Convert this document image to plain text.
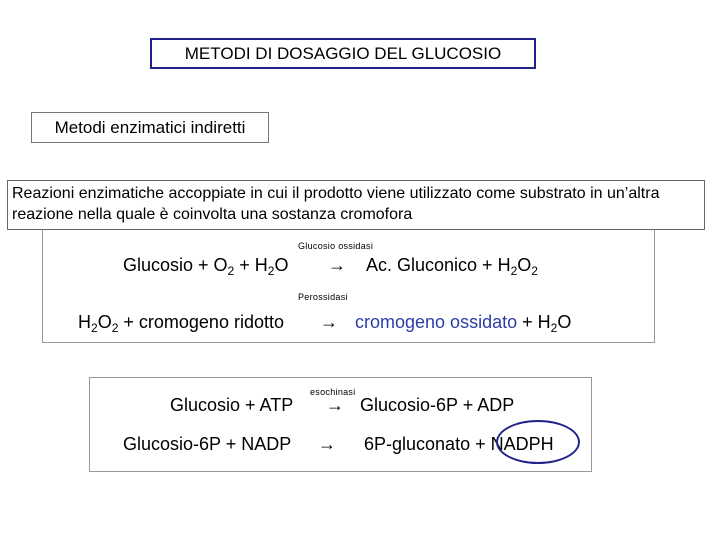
METODI DI DOSAGGIO DEL GLUCOSIO
Metodi enzimatici indiretti
Reazioni enzimatiche accoppiate in cui il prodotto viene utilizzato come substrato in un’altra reazione nella quale è coinvolta una sostanza cromofora
Glucosio ossidasi
Glucosio + $O_2 + H_2O \to Ac$. Gluconico + $H_2O_2$
Perossidasi
$H_2O_2$ + cromogeno ridotto → cromogeno ossidato + $H_2O$
esochinasi
Glucosio + ATP → Glucosio-6P + ADP
Glucosio-6P + NADP → 6P-gluconato + NADPH
